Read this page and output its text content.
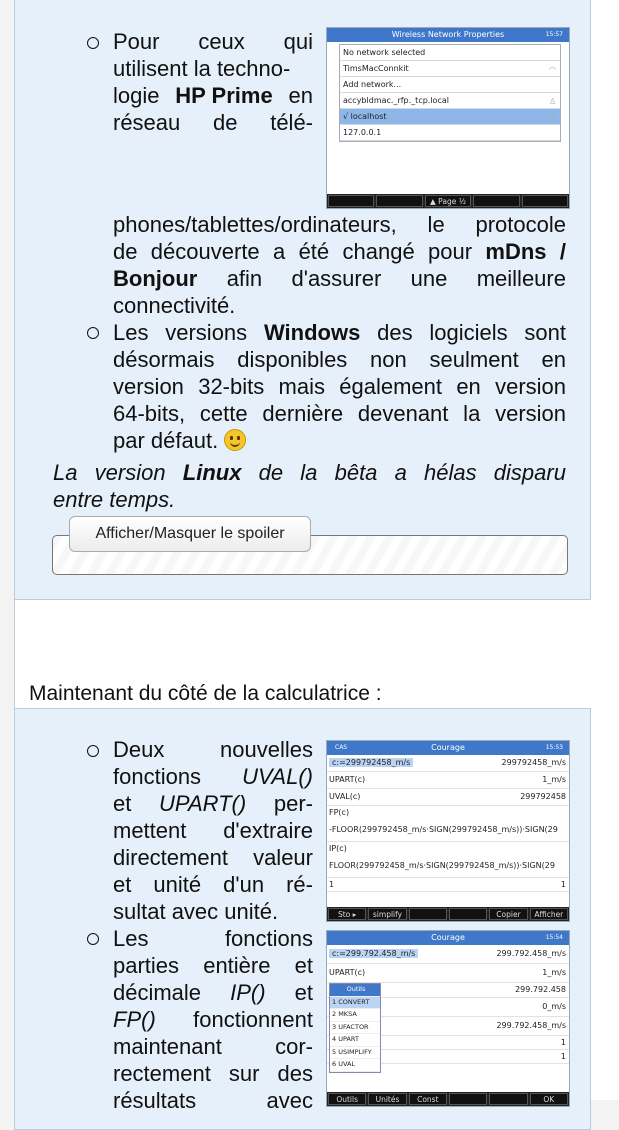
Pour ceux qui
utilisent la techno-
logie HP Prime en
réseau de télé-
Wireless Network Properties	15:57
No network selected
TimsMacConnkit	◠
Add network...
accybldmac._rfp._tcp.local	♙
√ localhost	♙
127.0.0.1
▲ Page ½
phones/tablettes/ordinateurs, le protocole
de découverte a été changé pour mDns /
Bonjour afin d'assurer une meilleure
connectivité.
Les versions Windows des logiciels sont
désormais disponibles non seulment en
version 32-bits mais également en version
64-bits, cette dernière devenant la version
par défaut.
La version Linux de la bêta a hélas disparu
entre temps.
Afficher/Masquer le spoiler
Maintenant du côté de la calculatrice :
Deux	nouvelles
fonctions UVAL()
et UPART() per-
mettent d'extraire
directement valeur
et unité d'un ré-
sultat avec unité.
Les	fonctions
parties entière et
décimale IP() et
FP() fonctionnent
maintenant cor-
rectement sur des
résultats avec
CAS	Courage	15:53
c:=299792458_m/s	299792458_m/s
UPART(c)	1_m/s
UVAL(c)	299792458
FP(c)
-FLOOR(299792458_m/s·SIGN(299792458_m/s))·SIGN(29
IP(c)
FLOOR(299792458_m/s·SIGN(299792458_m/s))·SIGN(29
1	1
Sto ▸	simplify	Copier	Afficher
Courage	15:54
c:=299.792.458_m/s	299.792.458_m/s
UPART(c)	1_m/s
299.792.458
0_m/s
299.792.458_m/s
1
1
Outils
1 CONVERT
2 MKSA
3 UFACTOR
4 UPART
5 USIMPLIFY
6 UVAL
Outils	Unités	Const	OK
